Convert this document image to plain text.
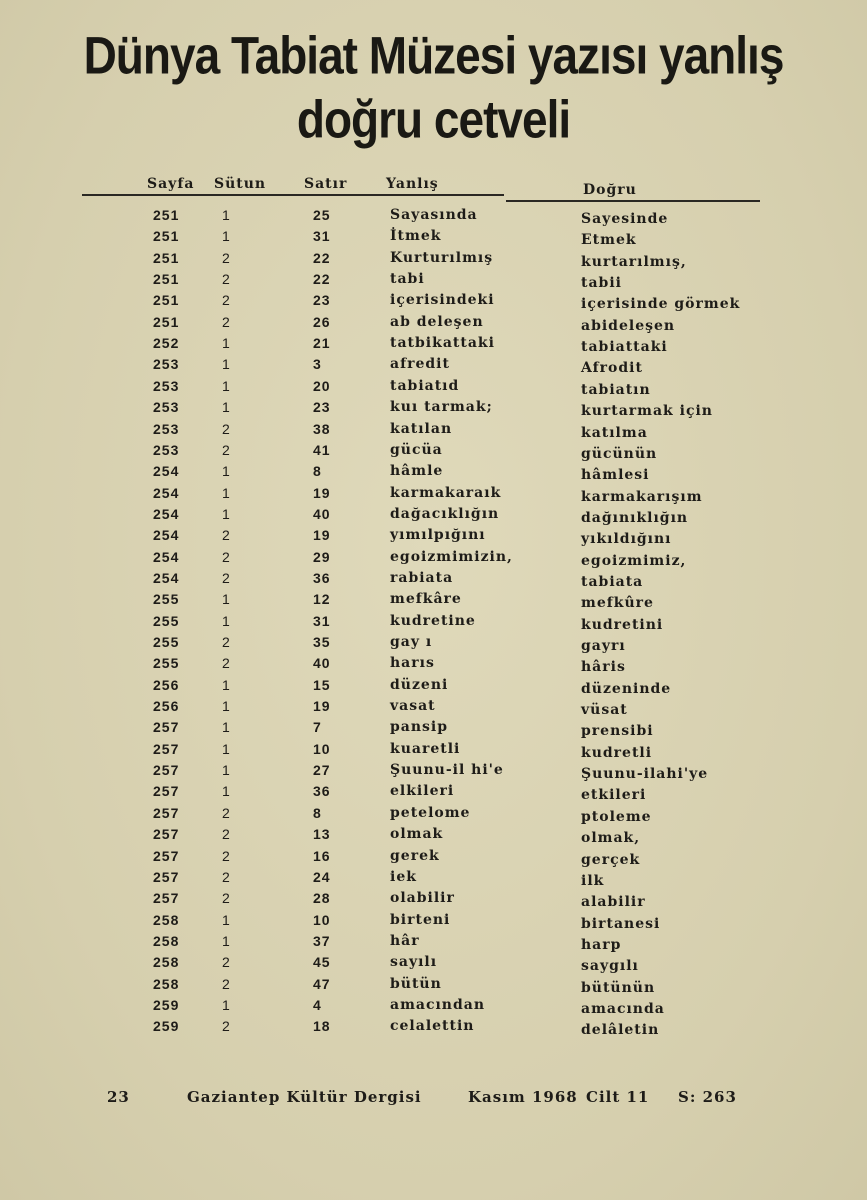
Dünya Tabiat Müzesi yazısı yanlış
doğru cetveli
Sayfa Sütun	Satır	Yanlış	Doğru
251	1	25	Sayasında	Sayesinde
251	1	31	İtmek	Etmek
251	2	22	Kurturılmış	kurtarılmış,
251	2	22	tabi	tabii
251	2	23	içerisindeki	içerisinde görmek
251	2	26	ab deleşen	abideleşen
252	1	21	tatbikattaki	tabiattaki
253	1	3	afredit	Afrodit
253	1	20	tabiatıd	tabiatın
253	1	23	kuı tarmak;	kurtarmak için
253	2	38	katılan	katılma
253	2	41	gücüa	gücünün
254	1	8	hâmle	hâmlesi
254	1	19	karmakaraık	karmakarışım
254	1	40	dağacıklığın	dağınıklığın
254	2	19	yımılpığını	yıkıldığını
254	2	29	egoizmimizin,	egoizmimiz,
254	2	36	rabiata	tabiata
255	1	12	mefkâre	mefkûre
255	1	31	kudretine	kudretini
255	2	35	gay ı	gayrı
255	2	40	harıs	hâris
256	1	15	düzeni	düzeninde
256	1	19	vasat	vüsat
257	1	7	pansip	prensibi
257	1	10	kuaretli	kudretli
257	1	27	Şuunu-il hi'e	Şuunu-ilahi'ye
257	1	36	elkileri	etkileri
257	2	8	petelome	ptoleme
257	2	13	olmak	olmak,
257	2	16	gerek	gerçek
257	2	24	iek	ilk
257	2	28	olabilir	alabilir
258	1	10	birteni	birtanesi
258	1	37	hâr	harp
258	2	45	sayılı	saygılı
258	2	47	bütün	bütünün
259	1	4	amacından	amacında
259	2	18	celalettin	delâletin
23	Gaziantep Kültür Dergisi	Kasım 1968 Cilt 11 S: 263
